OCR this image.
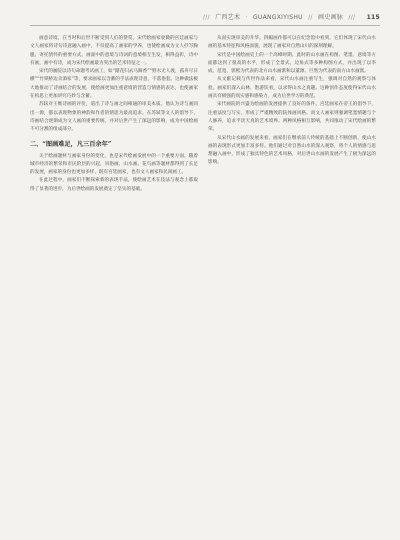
/// 广西艺术 · GUANGXIYISHU // 画史画脉 /// 115

画意诗境，在当时和后世不断受到人们的赞赏。宋代绘画家衰微的宫廷画家与文人画家将诗句诗意融入画中，不仅提高了画家的学养，也使绘画成为文人抒写胸臆、寄托情怀的重要方式。画面中的意境与诗词的意境相互生发，相得益彰，诗中有画，画中有诗，成为宋代绘画最为突出的艺术特征之一。

宋代的画院以诗句命题考试画工，如“踏花归去马蹄香”“野水无人渡，孤舟尽日横”“竹锁桥边卖酒家”等，要求画家以含蓄的手法表现诗意，不落俗套。这种做法极大地推动了诗画结合的发展，使绘画更加注重意境的营造与情感的表达，也使画家在构思上更加讲究巧妙与含蓄。

苏轼对王维诗画的评价，道出了诗与画之间相通的审美本质。他认为诗与画同出一源，都以表现物象的神韵和作者的情思为最高追求。在苏轼等文人的倡导下，诗画结合逐渐成为文人画的重要传统，并对后世产生了深远的影响，成为中国绘画不可分割的组成部分。

二、“图画难足，凡三百余年”

关于绘画题材与画家身份的变化，也是宋代绘画发展中的一个重要方面。随着城市经济的繁荣和市民阶层的兴起，风俗画、山水画、花鸟画等题材都得到了长足的发展，画家的身份也更加多样，既有宫廷画家，也有文人画家和民间画工。

在此过程中，画家们不断探索新的表现手法，使绘画艺术在技法与观念上都取得了显著的进步，为后世绘画的发展奠定了坚实的基础。

从而实现审美的升华。四幅画作都可以在纪念馆中看到，它们体现了宋代山水画的基本特征和风格面貌，展现了画家对自然山川的深刻理解。

宋代是中国绘画史上的一个高峰时期。此时的山水画在构图、笔墨、意境等方面都达到了很高的水平，形成了全景式、边角式等多种构图方式，并出现了以李成、范宽、郭熙为代表的北方山水画派和以董源、巨然为代表的南方山水画派。

从文献记载与传世作品来看，宋代山水画注重写生，强调对自然的观察与体验。画家们深入山林，饱游饫看，以求得山水之真趣。这种创作态度使得宋代山水画具有极强的真实感和感染力，成为后世学习的典范。

宋代画院的兴盛为绘画的发展提供了良好的条件。宫廷画家在帝王的倡导下，注重法度与写实，形成了严谨精致的院体画风格。而文人画家则强调笔墨情趣与个人修养，追求平淡天真的艺术境界。两种风格相互影响，共同推动了宋代绘画的繁荣。

从宋代山水画的发展来看，画家们在继承前人传统的基础上不断创新，使山水画的表现形式更加丰富多样。他们通过对自然山水的深入观察，将个人的情感与思想融入画中，形成了独具特色的艺术风格，对后世山水画的发展产生了极为深远的影响。
